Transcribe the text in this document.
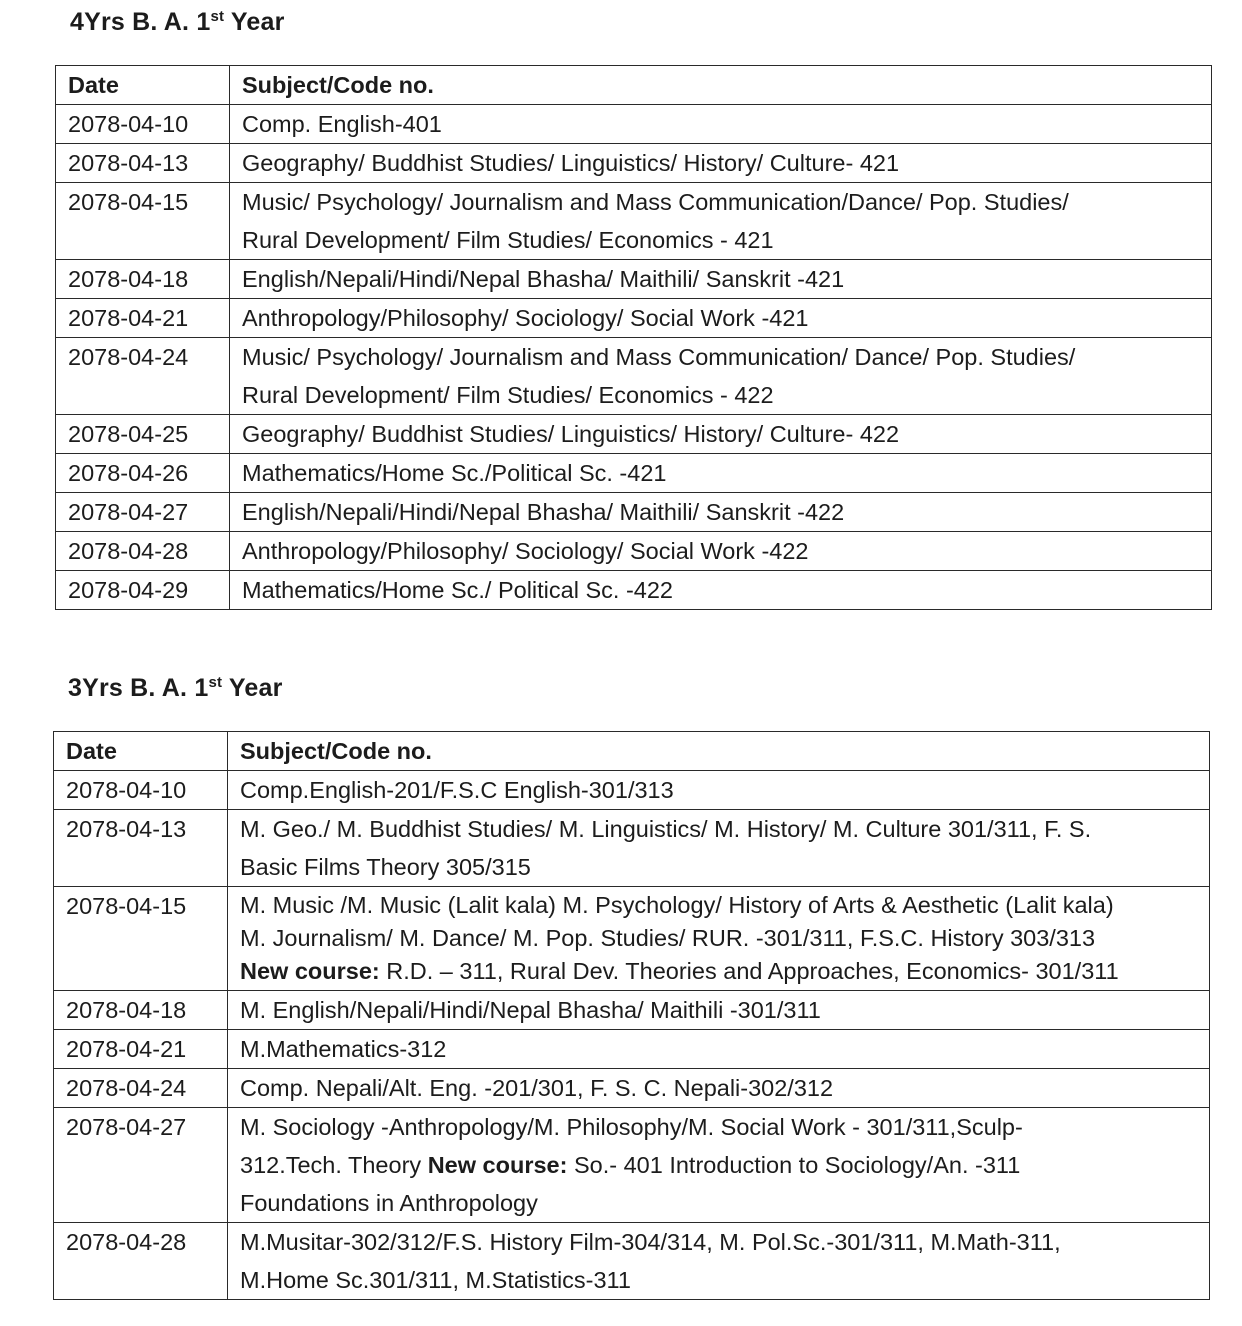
4Yrs B. A. 1st Year
Date	Subject/Code no.
2078-04-10	Comp. English-401
2078-04-13	Geography/ Buddhist Studies/ Linguistics/ History/ Culture- 421
2078-04-15	Music/ Psychology/ Journalism and Mass Communication/Dance/ Pop. Studies/
Rural Development/ Film Studies/ Economics - 421

2078-04-18	English/Nepali/Hindi/Nepal Bhasha/ Maithili/ Sanskrit -421
2078-04-21	Anthropology/Philosophy/ Sociology/ Social Work -421
2078-04-24	Music/ Psychology/ Journalism and Mass Communication/ Dance/ Pop. Studies/
Rural Development/ Film Studies/ Economics - 422

2078-04-25	Geography/ Buddhist Studies/ Linguistics/ History/ Culture- 422
2078-04-26	Mathematics/Home Sc./Political Sc. -421
2078-04-27	English/Nepali/Hindi/Nepal Bhasha/ Maithili/ Sanskrit -422
2078-04-28	Anthropology/Philosophy/ Sociology/ Social Work -422
2078-04-29	Mathematics/Home Sc./ Political Sc. -422
3Yrs B. A. 1st Year
Date	Subject/Code no.
2078-04-10	Comp.English-201/F.S.C English-301/313
2078-04-13	M. Geo./ M. Buddhist Studies/ M. Linguistics/ M. History/ M. Culture 301/311, F. S.
Basic Films Theory 305/315

2078-04-15	M. Music /M. Music (Lalit kala) M. Psychology/ History of Arts & Aesthetic (Lalit kala)
M. Journalism/ M. Dance/ M. Pop. Studies/ RUR. -301/311, F.S.C. History 303/313
New course: R.D. – 311, Rural Dev. Theories and Approaches, Economics- 301/311

2078-04-18	M. English/Nepali/Hindi/Nepal Bhasha/ Maithili -301/311
2078-04-21	M.Mathematics-312
2078-04-24	Comp. Nepali/Alt. Eng. -201/301, F. S. C. Nepali-302/312
2078-04-27	M. Sociology -Anthropology/M. Philosophy/M. Social Work - 301/311,Sculp-
312.Tech. Theory New course: So.- 401 Introduction to Sociology/An. -311
Foundations in Anthropology

2078-04-28	M.Musitar-302/312/F.S. History Film-304/314, M. Pol.Sc.-301/311, M.Math-311,
M.Home Sc.301/311, M.Statistics-311
